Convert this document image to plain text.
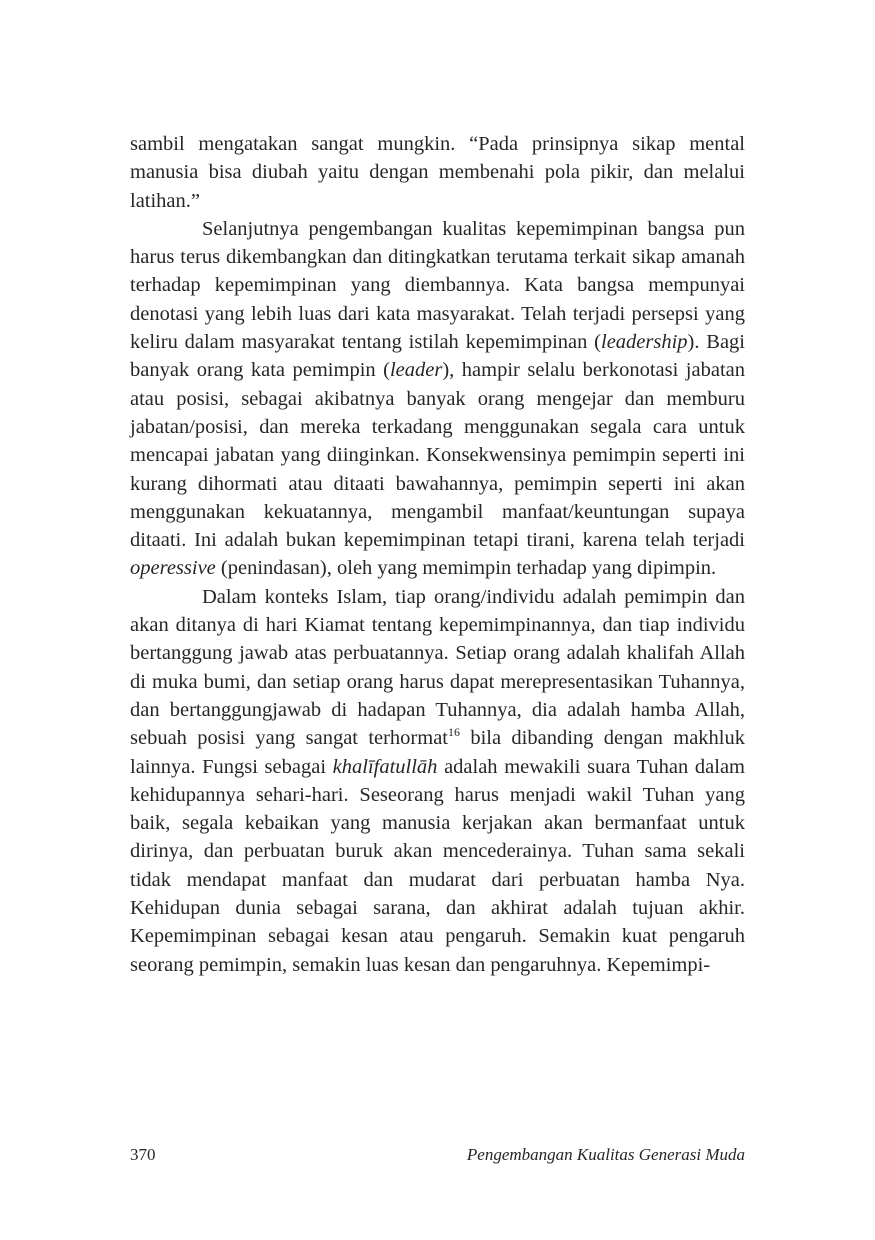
sambil mengatakan sangat mungkin. “Pada prinsipnya sikap mental manusia bisa diubah yaitu dengan membenahi pola pikir, dan melalui latihan.”

Selanjutnya pengembangan kualitas kepemimpinan bangsa pun harus terus dikembangkan dan ditingkatkan terutama terkait sikap amanah terhadap kepemimpinan yang diembannya. Kata bangsa mempunyai denotasi yang lebih luas dari kata masyarakat. Telah terjadi persepsi yang keliru dalam masyarakat tentang istilah kepemimpinan (leadership). Bagi banyak orang kata pemimpin (leader), hampir selalu berkonotasi jabatan atau posisi, sebagai akibatnya banyak orang mengejar dan memburu jabatan/posisi, dan mereka terkadang menggunakan segala cara untuk mencapai jabatan yang diinginkan. Konsekwensinya pemimpin seperti ini kurang dihormati atau ditaati bawahannya, pemimpin seperti ini akan menggunakan kekuatannya, mengambil manfaat/keuntungan supaya ditaati. Ini adalah bukan kepemimpinan tetapi tirani, karena telah terjadi operessive (penindasan), oleh yang memimpin terhadap yang dipimpin.

Dalam konteks Islam, tiap orang/individu adalah pemimpin dan akan ditanya di hari Kiamat tentang kepemimpinannya, dan tiap individu bertanggung jawab atas perbuatannya. Setiap orang adalah khalifah Allah di muka bumi, dan setiap orang harus dapat merepresentasikan Tuhannya, dan bertanggungjawab di hadapan Tuhannya, dia adalah hamba Allah, sebuah posisi yang sangat terhormat$^{16}$ bila dibanding dengan makhluk lainnya. Fungsi sebagai khalīfatullāh adalah mewakili suara Tuhan dalam kehidupannya sehari-hari. Seseorang harus menjadi wakil Tuhan yang baik, segala kebaikan yang manusia kerjakan akan bermanfaat untuk dirinya, dan perbuatan buruk akan mencederainya. Tuhan sama sekali tidak mendapat manfaat dan mudarat dari perbuatan hamba Nya. Kehidupan dunia sebagai sarana, dan akhirat adalah tujuan akhir. Kepemimpinan sebagai kesan atau pengaruh. Semakin kuat pengaruh seorang pemimpin, semakin luas kesan dan pengaruhnya. Kepemimpi-

370	Pengembangan Kualitas Generasi Muda
